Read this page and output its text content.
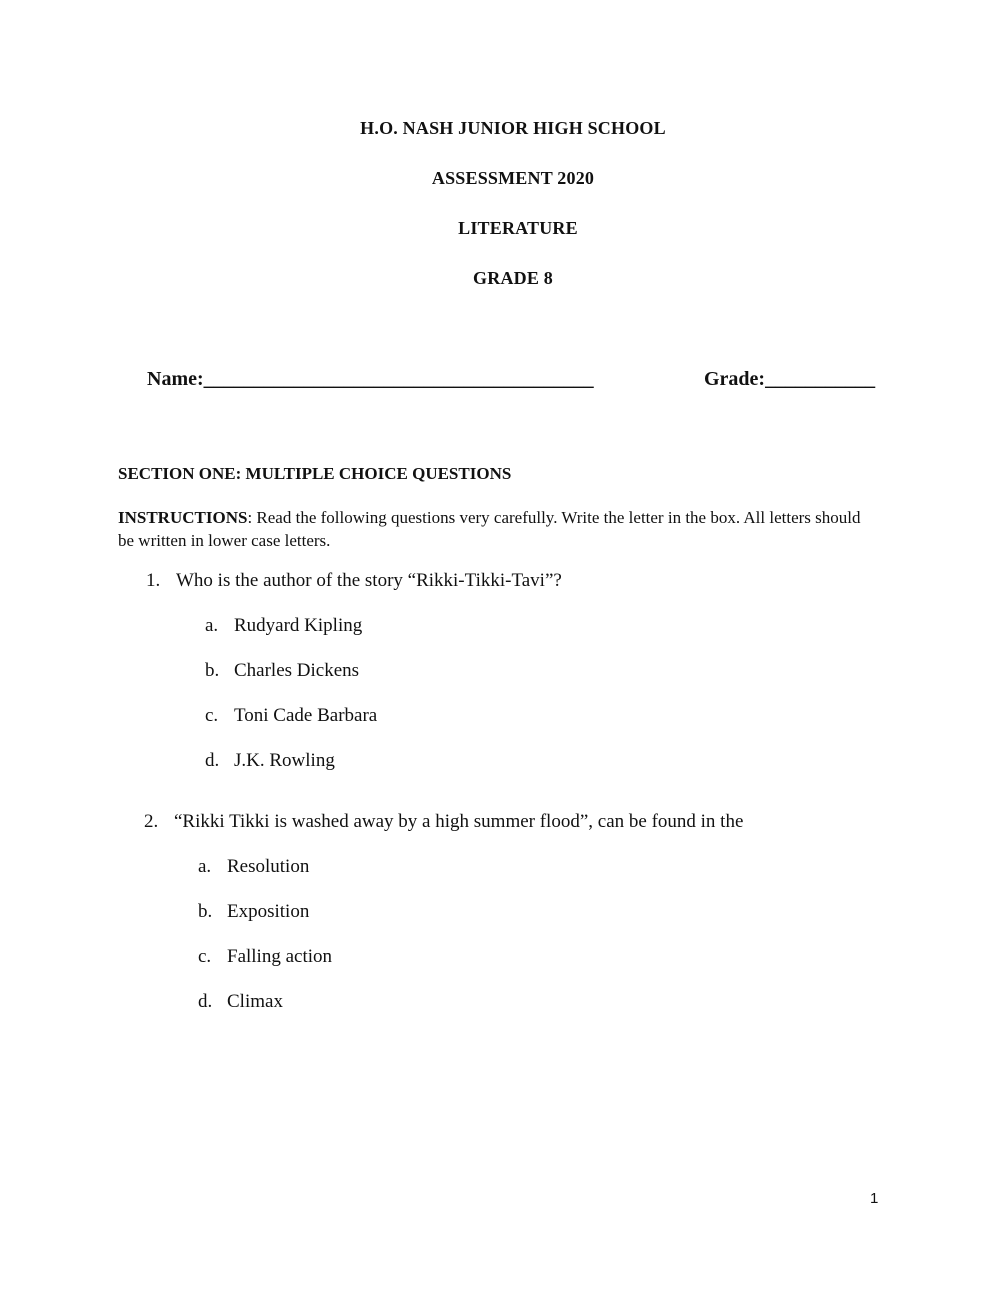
H.O. NASH JUNIOR HIGH SCHOOL
ASSESSMENT 2020
LITERATURE
GRADE 8
Name:_______________________________________	Grade:___________
SECTION ONE: MULTIPLE CHOICE QUESTIONS
INSTRUCTIONS: Read the following questions very carefully. Write the letter in the box. All letters should be written in lower case letters.
1. Who is the author of the story “Rikki-Tikki-Tavi”?
a. Rudyard Kipling
b. Charles Dickens
c. Toni Cade Barbara
d. J.K. Rowling
2. “Rikki Tikki is washed away by a high summer flood”, can be found in the
a. Resolution
b. Exposition
c. Falling action
d. Climax
1
